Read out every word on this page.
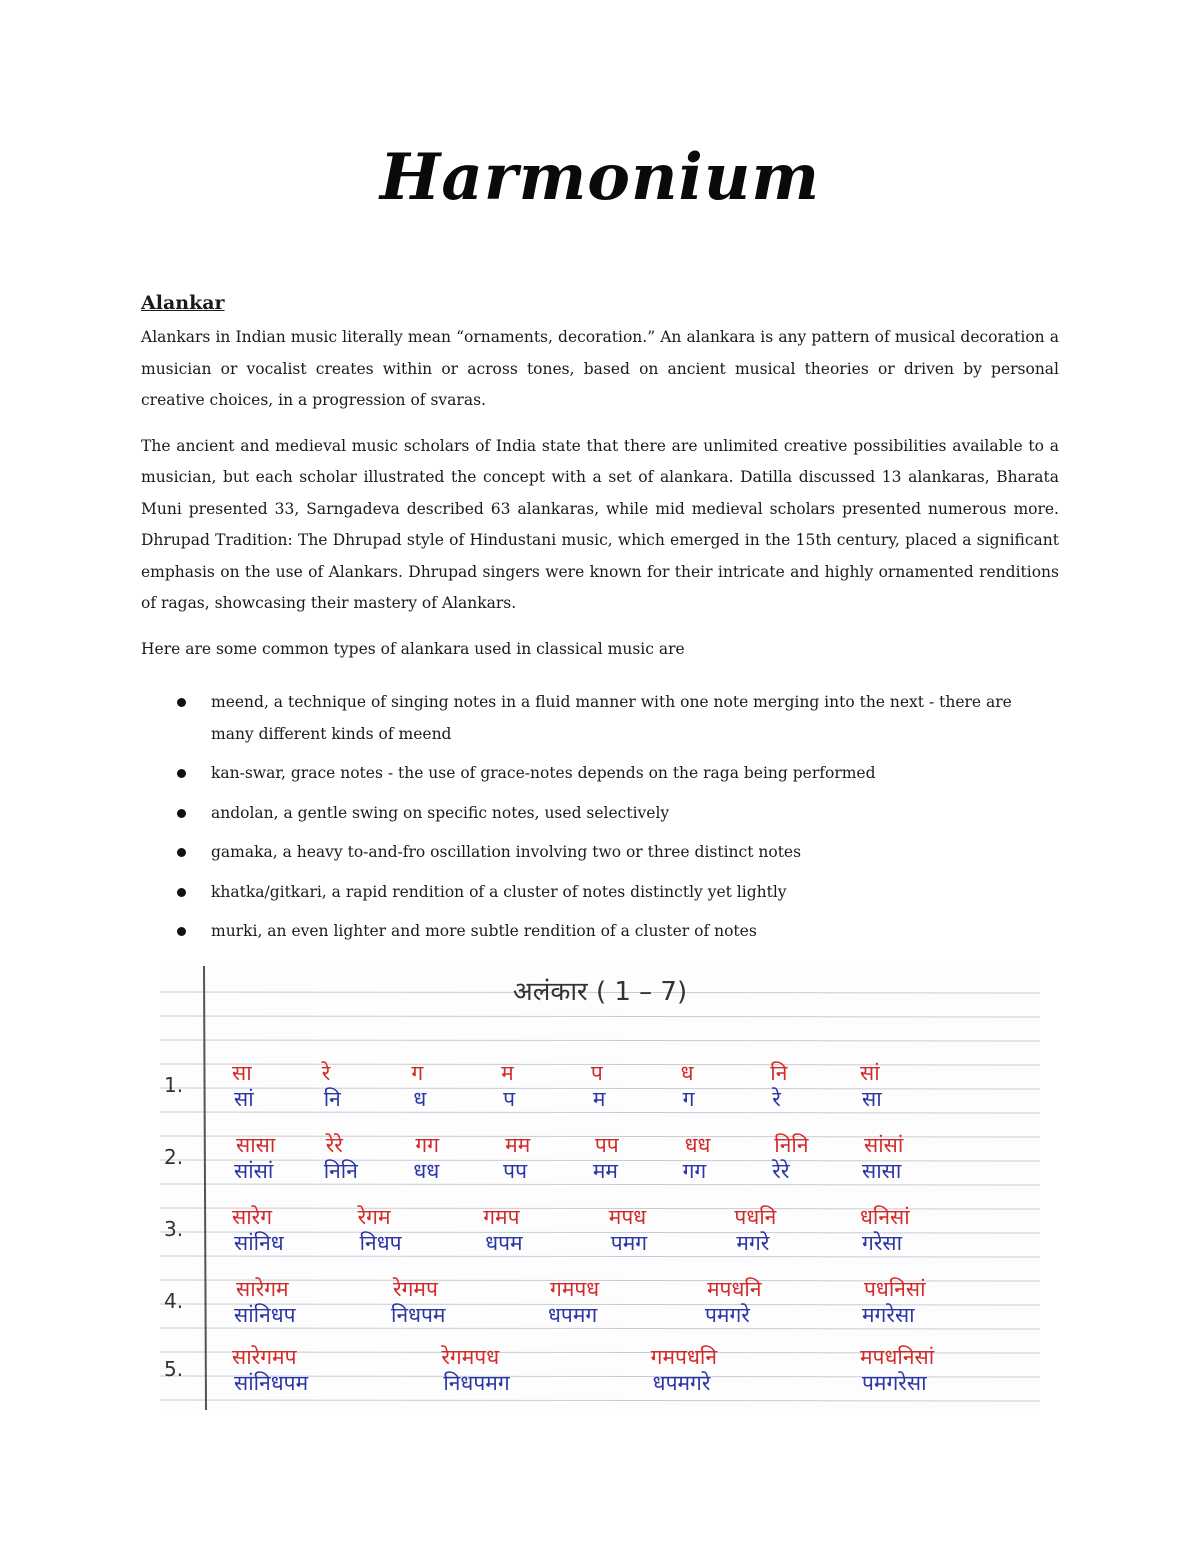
Harmonium
Alankar

Alankars in Indian music literally mean “ornaments, decoration.” An alankara is any pattern of musical decoration a musician or vocalist creates within or across tones, based on ancient musical theories or driven by personal creative choices, in a progression of svaras.

The ancient and medieval music scholars of India state that there are unlimited creative possibilities available to a musician, but each scholar illustrated the concept with a set of alankara. Datilla discussed 13 alankaras, Bharata Muni presented 33, Sarngadeva described 63 alankaras, while mid medieval scholars presented numerous more. Dhrupad Tradition: The Dhrupad style of Hindustani music, which emerged in the 15th century, placed a significant emphasis on the use of Alankars. Dhrupad singers were known for their intricate and highly ornamented renditions of ragas, showcasing their mastery of Alankars.

Here are some common types of alankara used in classical music are

meend, a technique of singing notes in a fluid manner with one note merging into the next - there are many different kinds of meend
kan-swar, grace notes - the use of grace-notes depends on the raga being performed
andolan, a gentle swing on specific notes, used selectively
gamaka, a heavy to-and-fro oscillation involving two or three distinct notes
khatka/gitkari, a rapid rendition of a cluster of notes distinctly yet lightly
murki, an even lighter and more subtle rendition of a cluster of notes
अलंकार ( 1 – 7)
1. सा	रे	ग	म	प	ध	नि	सां
सां	नि	ध	प	म	ग	रे	सा
2.	सासा रेरे	गग	मम	पप	धध	निनि	सांसां
सांसां निनि	धध	पप	मम	गग	रेरे	सासा
3. सारेग	रेगम	गमप	मपध	पधनि	धनिसां
सांनिध	निधप	धपम	पमग	मगरे	गरेसा
4.	सारेगम	रेगमप	गमपध	मपधनि	पधनिसां
सांनिधप	निधपम	धपमग	पमगरे	मगरेसा
5. सारेगमप	रेगमपध	गमपधनि	मपधनिसां
सांनिधपम	निधपमग	धपमगरे	पमगरेसा
